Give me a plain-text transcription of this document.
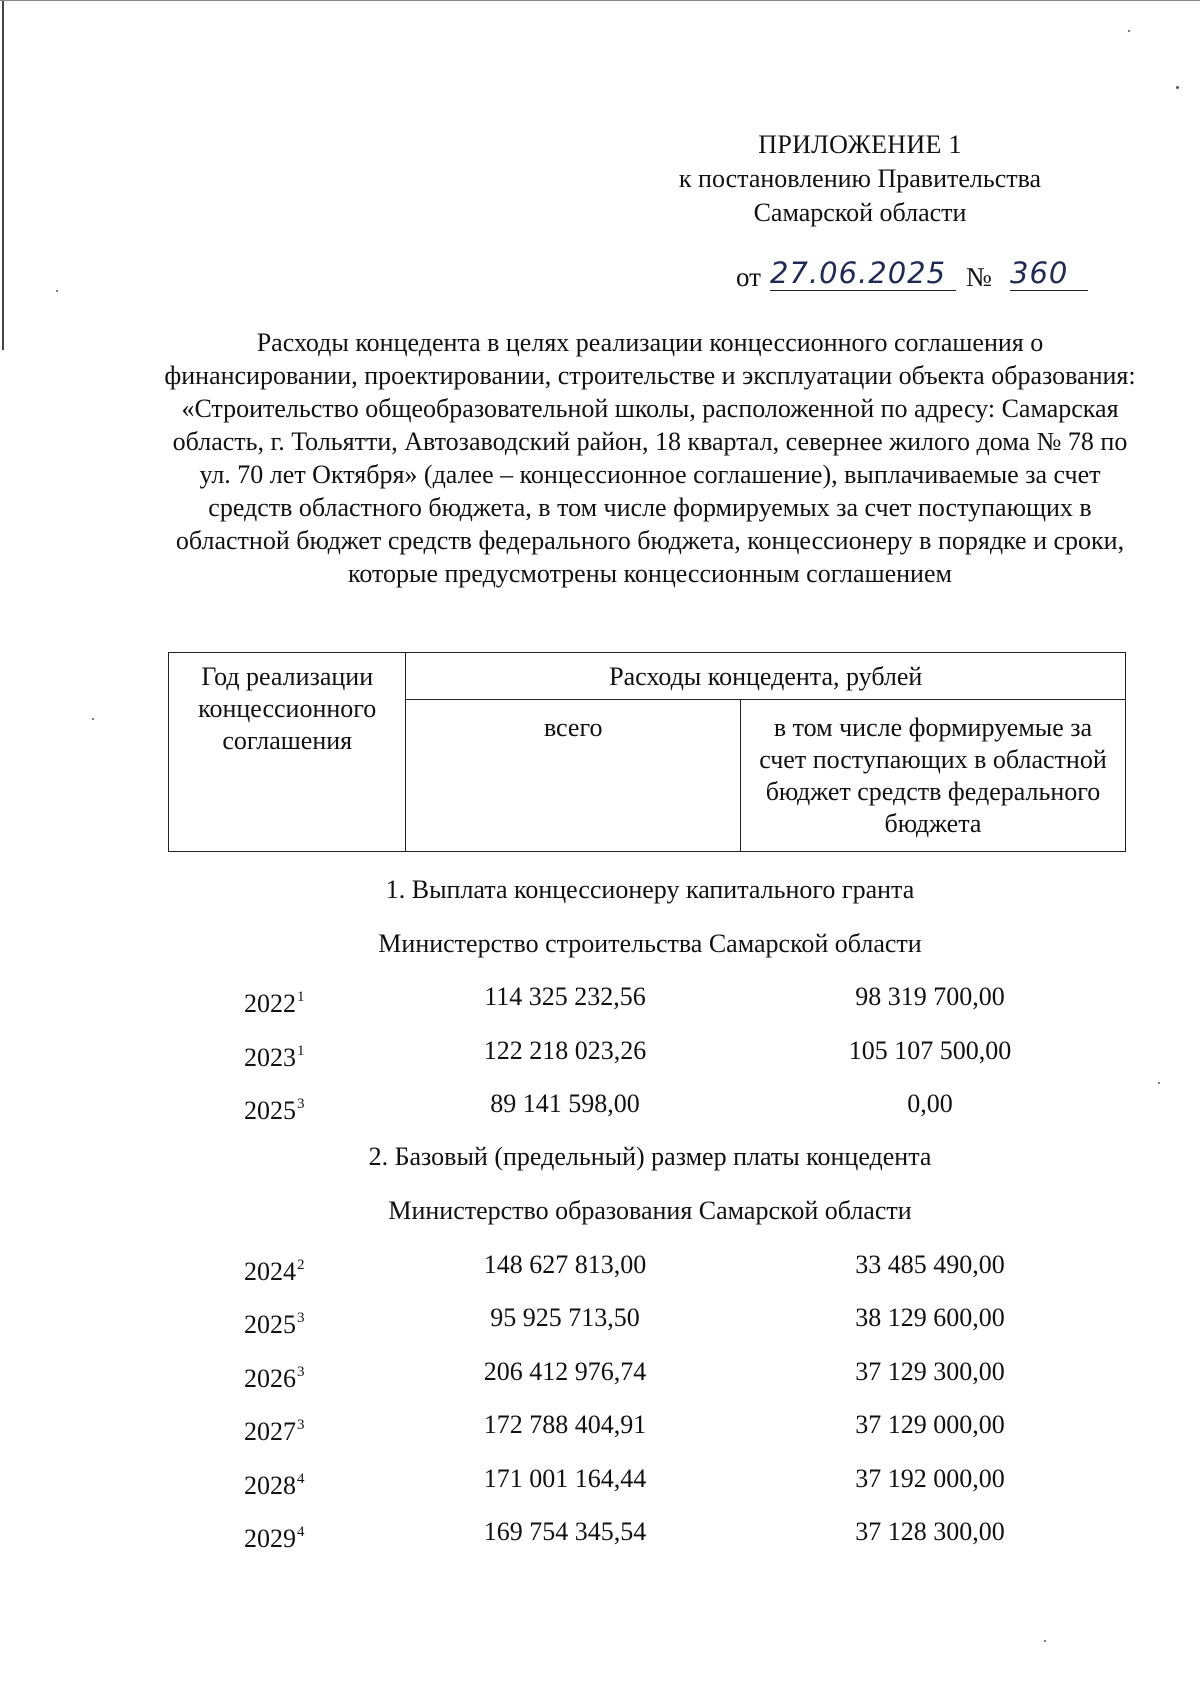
ПРИЛОЖЕНИЕ 1
к постановлению Правительства
Самарской области
от 27.06.2025 № 360
Расходы концедента в целях реализации концессионного соглашения о финансировании, проектировании, строительстве и эксплуатации объекта образования: «Строительство общеобразовательной школы, расположенной по адресу: Самарская область, г. Тольятти, Автозаводский район, 18 квартал, севернее жилого дома № 78 по ул. 70 лет Октября» (далее – концессионное соглашение), выплачиваемые за счет средств областного бюджета, в том числе формируемых за счет поступающих в областной бюджет средств федерального бюджета, концессионеру в порядке и сроки, которые предусмотрены концессионным соглашением
Год реализации концессионного соглашения	Расходы концедента, рублей	
	всего	в том числе формируемые за счет поступающих в областной бюджет средств федерального бюджета
1. Выплата концессионеру капитального гранта
Министерство строительства Самарской области
2022$^1$	114 325 232,56	98 319 700,00
2023$^1$	122 218 023,26	105 107 500,00
2025$^3$	89 141 598,00	0,00
2. Базовый (предельный) размер платы концедента
Министерство образования Самарской области
2024$^2$	148 627 813,00	33 485 490,00
2025$^3$	95 925 713,50	38 129 600,00
2026$^3$	206 412 976,74	37 129 300,00
2027$^3$	172 788 404,91	37 129 000,00
2028$^4$	171 001 164,44	37 192 000,00
2029$^4$	169 754 345,54	37 128 300,00
